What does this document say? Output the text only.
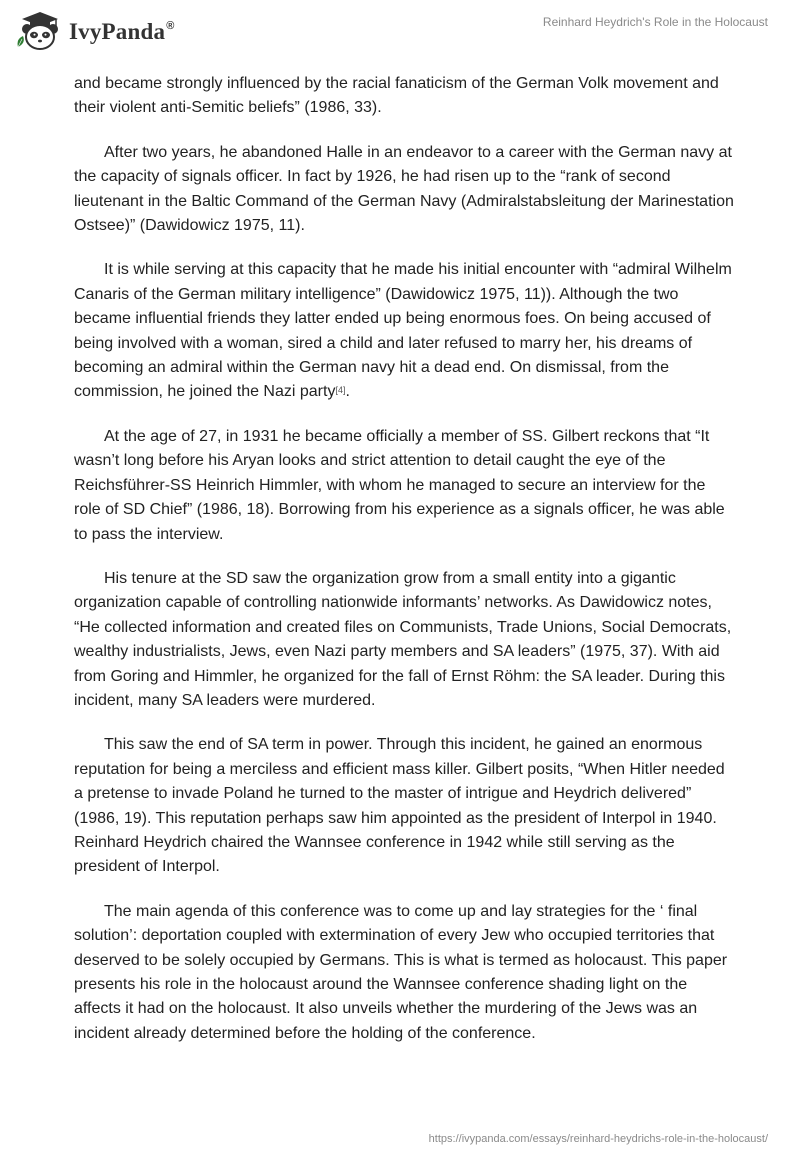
IvyPanda®	Reinhard Heydrich's Role in the Holocaust

and became strongly influenced by the racial fanaticism of the German Volk movement and their violent anti-Semitic beliefs” (1986, 33).

After two years, he abandoned Halle in an endeavor to a career with the German navy at the capacity of signals officer. In fact by 1926, he had risen up to the “rank of second lieutenant in the Baltic Command of the German Navy (Admiralstabsleitung der Marinestation Ostsee)” (Dawidowicz 1975, 11).

It is while serving at this capacity that he made his initial encounter with “admiral Wilhelm Canaris of the German military intelligence” (Dawidowicz 1975, 11)). Although the two became influential friends they latter ended up being enormous foes. On being accused of being involved with a woman, sired a child and later refused to marry her, his dreams of becoming an admiral within the German navy hit a dead end. On dismissal, from the commission, he joined the Nazi party[4].

At the age of 27, in 1931 he became officially a member of SS. Gilbert reckons that “It wasn’t long before his Aryan looks and strict attention to detail caught the eye of the Reichsführer-SS Heinrich Himmler, with whom he managed to secure an interview for the role of SD Chief” (1986, 18). Borrowing from his experience as a signals officer, he was able to pass the interview.

His tenure at the SD saw the organization grow from a small entity into a gigantic organization capable of controlling nationwide informants’ networks. As Dawidowicz notes, “He collected information and created files on Communists, Trade Unions, Social Democrats, wealthy industrialists, Jews, even Nazi party members and SA leaders” (1975, 37). With aid from Goring and Himmler, he organized for the fall of Ernst Röhm: the SA leader. During this incident, many SA leaders were murdered.

This saw the end of SA term in power. Through this incident, he gained an enormous reputation for being a merciless and efficient mass killer. Gilbert posits, “When Hitler needed a pretense to invade Poland he turned to the master of intrigue and Heydrich delivered” (1986, 19). This reputation perhaps saw him appointed as the president of Interpol in 1940. Reinhard Heydrich chaired the Wannsee conference in 1942 while still serving as the president of Interpol.

The main agenda of this conference was to come up and lay strategies for the ‘ final solution’: deportation coupled with extermination of every Jew who occupied territories that deserved to be solely occupied by Germans. This is what is termed as holocaust. This paper presents his role in the holocaust around the Wannsee conference shading light on the affects it had on the holocaust. It also unveils whether the murdering of the Jews was an incident already determined before the holding of the conference.

https://ivypanda.com/essays/reinhard-heydrichs-role-in-the-holocaust/
